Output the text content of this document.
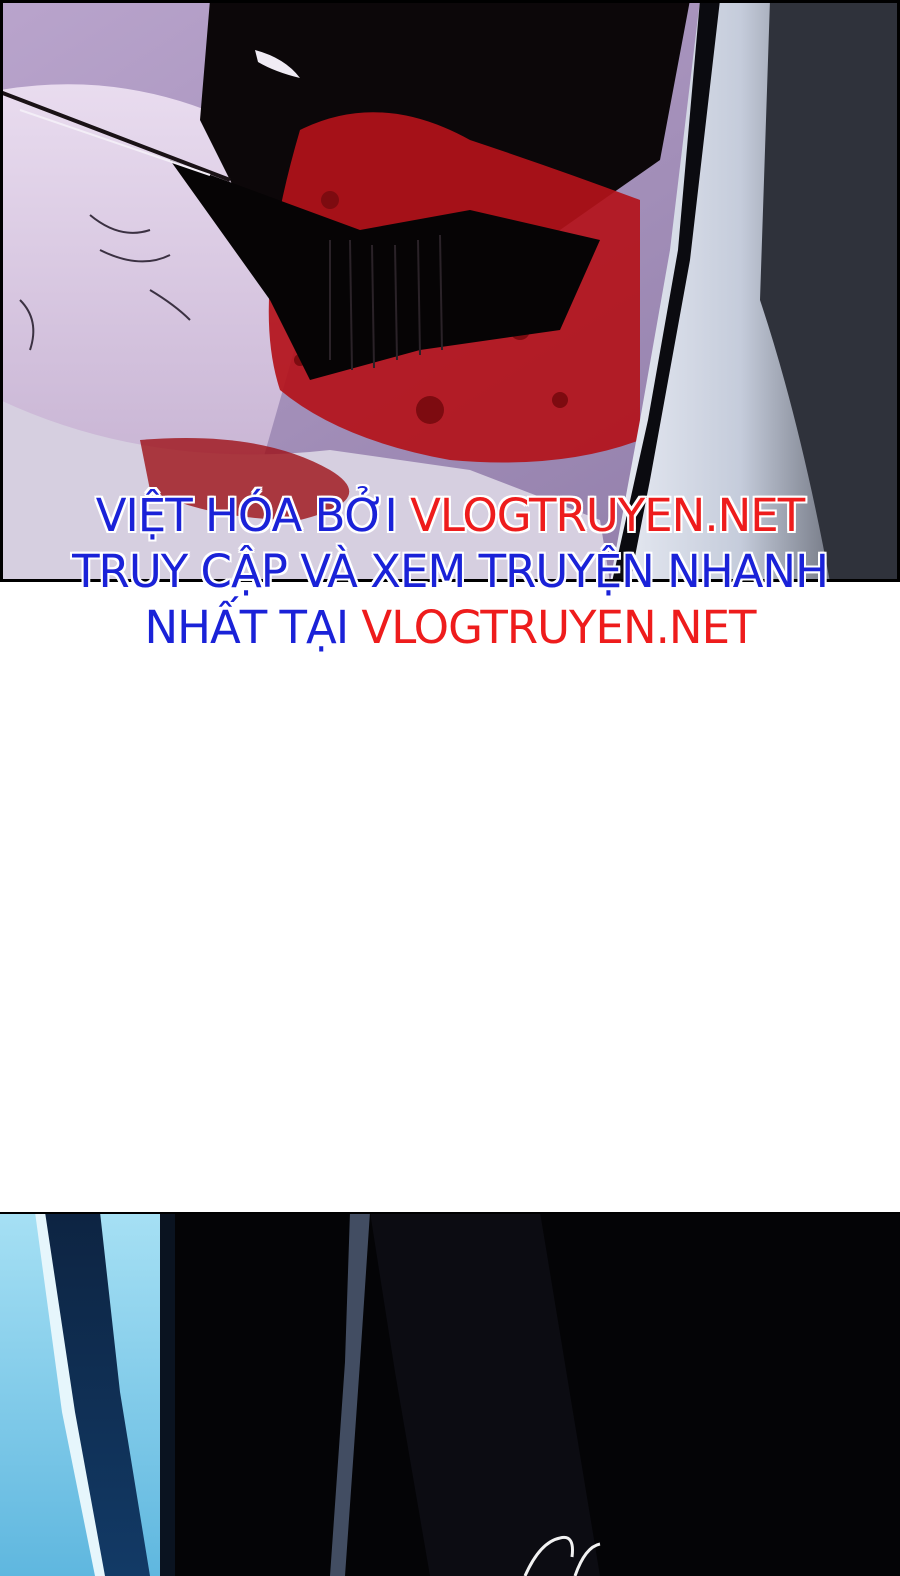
VIỆT HÓA BỞI VLOGTRUYEN.NET
TRUY CẬP VÀ XEM TRUYỆN NHANH
NHẤT TẠI VLOGTRUYEN.NET
